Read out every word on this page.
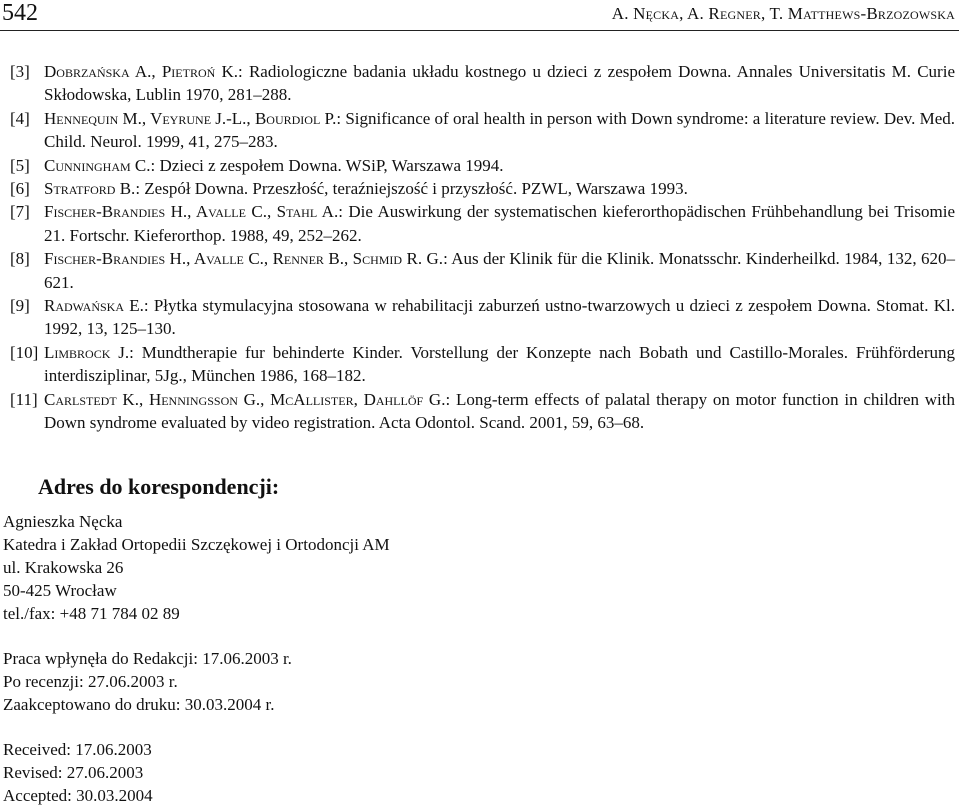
542	A. Nęcka, A. Regner, T. Matthews-Brzozowska
[3] Dobrzańska A., Pietroń K.: Radiologiczne badania układu kostnego u dzieci z zespołem Downa. Annales Universitatis M. Curie Skłodowska, Lublin 1970, 281–288.
[4] Hennequin M., Veyrune J.-L., Bourdiol P.: Significance of oral health in person with Down syndrome: a literature review. Dev. Med. Child. Neurol. 1999, 41, 275–283.
[5] Cunningham C.: Dzieci z zespołem Downa. WSiP, Warszawa 1994.
[6] Stratford B.: Zespół Downa. Przeszłość, teraźniejszość i przyszłość. PZWL, Warszawa 1993.
[7] Fischer-Brandies H., Avalle C., Stahl A.: Die Auswirkung der systematischen kieferorthopädischen Frühbehandlung bei Trisomie 21. Fortschr. Kieferorthop. 1988, 49, 252–262.
[8] Fischer-Brandies H., Avalle C., Renner B., Schmid R. G.: Aus der Klinik für die Klinik. Monatsschr. Kinderheilkd. 1984, 132, 620–621.
[9] Radwańska E.: Płytka stymulacyjna stosowana w rehabilitacji zaburzeń ustno-twarzowych u dzieci z zespołem Downa. Stomat. Kl. 1992, 13, 125–130.
[10] Limbrock J.: Mundtherapie fur behinderte Kinder. Vorstellung der Konzepte nach Bobath und Castillo-Morales. Frühförderung interdisziplinar, 5Jg., München 1986, 168–182.
[11] Carlstedt K., Henningsson G., McAllister, Dahllöf G.: Long-term effects of palatal therapy on motor function in children with Down syndrome evaluated by video registration. Acta Odontol. Scand. 2001, 59, 63–68.
Adres do korespondencji:
Agnieszka Nęcka
Katedra i Zakład Ortopedii Szczękowej i Ortodoncji AM
ul. Krakowska 26
50-425 Wrocław
tel./fax: +48 71 784 02 89
Praca wpłynęła do Redakcji: 17.06.2003 r.
Po recenzji: 27.06.2003 r.
Zaakceptowano do druku: 30.03.2004 r.
Received: 17.06.2003
Revised: 27.06.2003
Accepted: 30.03.2004
